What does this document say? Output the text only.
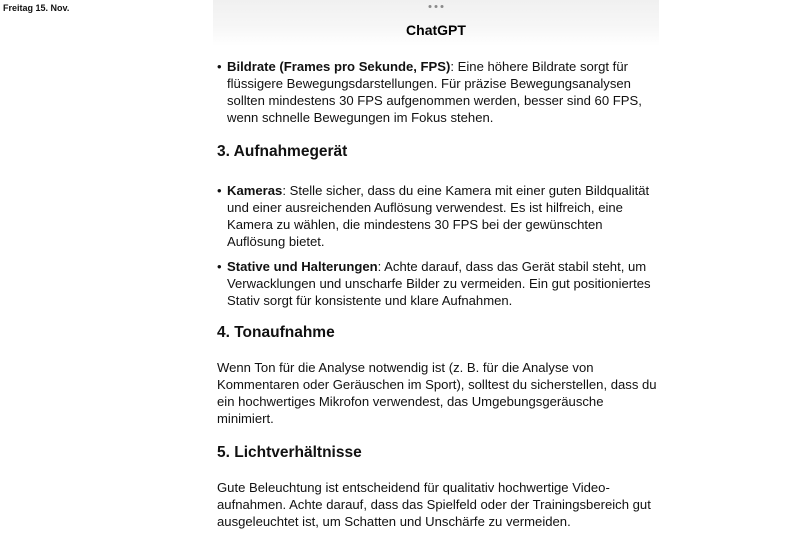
Freitag 15. Nov.
ChatGPT
• Bildrate (Frames pro Sekunde, FPS): Eine höhere Bildrate sorgt für flüssigere Bewegungsdarstellungen. Für präzise Bewegungsanalysen sollten mindestens 30 FPS aufgenommen werden, besser sind 60 FPS, wenn schnelle Bewegungen im Fokus stehen.
3. Aufnahmegerät
• Kameras: Stelle sicher, dass du eine Kamera mit einer guten Bildqualität und einer ausreichenden Auflösung verwendest. Es ist hilfreich, eine Kamera zu wählen, die mindestens 30 FPS bei der gewünschten Auflösung bietet.
• Stative und Halterungen: Achte darauf, dass das Gerät stabil steht, um Verwacklungen und unscharfe Bilder zu vermeiden. Ein gut positioniertes Stativ sorgt für konsistente und klare Aufnahmen.
4. Tonaufnahme

Wenn Ton für die Analyse notwendig ist (z. B. für die Analyse von Kommentaren oder Geräuschen im Sport), solltest du sicherstellen, dass du ein hochwertiges Mikrofon verwendest, das Umgebungsgeräusche minimiert.

5. Lichtverhältnisse

Gute Beleuchtung ist entscheidend für qualitativ hochwertige Video-aufnahmen. Achte darauf, dass das Spielfeld oder der Trainingsbereich gut ausgeleuchtet ist, um Schatten und Unschärfe zu vermeiden.
